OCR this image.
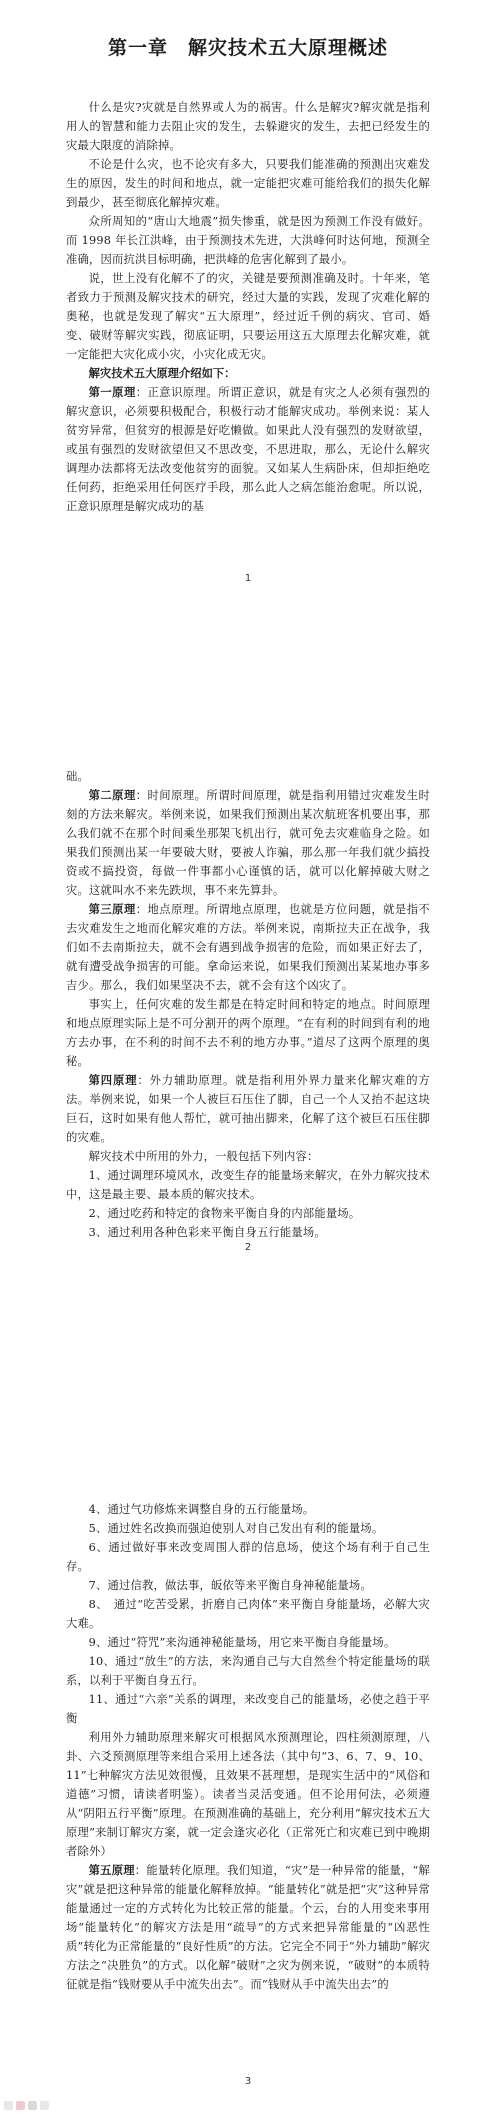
第一章　解灾技术五大原理概述
什么是灾?灾就是自然界或人为的祸害。什么是解灾?解灾就是指利用人的智慧和能力去阻止灾的发生，去躲避灾的发生，去把已经发生的灾最大限度的消除掉。
不论是什么灾，也不论灾有多大，只要我们能准确的预测出灾难发生的原因，发生的时间和地点，就一定能把灾难可能给我们的损失化解到最少，甚至彻底化解掉灾难。
众所周知的“唐山大地震”损失惨重，就是因为预测工作没有做好。而 1998 年长江洪峰，由于预测技术先进，大洪峰何时达何地，预测全准确，因而抗洪目标明确，把洪峰的危害化解到了最小。
说，世上没有化解不了的灾，关键是要预测准确及时。十年来，笔者致力于预测及解灾技术的研究，经过大量的实践，发现了灾难化解的奥秘，也就是发现了解灾“五大原理”，经过近千例的病灾、官司、婚变、破财等解灾实践，彻底证明，只要运用这五大原理去化解灾难，就一定能把大灾化成小灾，小灾化成无灾。
解灾技术五大原理介绍如下：
第一原理：正意识原理。所谓正意识，就是有灾之人必须有强烈的解灾意识，必须要积极配合，积极行动才能解灾成功。举例来说：某人贫穷异常，但贫穷的根源是好吃懒做。如果此人没有强烈的发财欲望，或虽有强烈的发财欲望但又不思改变，不思进取，那么，无论什么解灾调理办法都将无法改变他贫穷的面貌。又如某人生病卧床，但却拒绝吃任何药，拒绝采用任何医疗手段，那么此人之病怎能治愈呢。所以说，正意识原理是解灾成功的基
1
础。
第二原理：时间原理。所谓时间原理，就是指利用错过灾难发生时刻的方法来解灾。举例来说，如果我们预测出某次航班客机要出事，那么我们就不在那个时间乘坐那架飞机出行，就可免去灾难临身之险。如果我们预测出某一年要破大财，要被人诈骗，那么那一年我们就少搞投资或不搞投资，每做一件事都小心谨慎的话，就可以化解掉破大财之灾。这就叫水不来先跌坝，事不来先算卦。
第三原理：地点原理。所谓地点原理，也就是方位问题，就是指不去灾难发生之地而化解灾难的方法。举例来说，南斯拉夫正在战争，我们如不去南斯拉夫，就不会有遇到战争损害的危险，而如果正好去了，就有遭受战争损害的可能。拿命运来说，如果我们预测出某某地办事多吉少。那么，我们如果坚决不去，就不会有这个凶灾了。
事实上，任何灾难的发生都是在特定时间和特定的地点。时间原理和地点原理实际上是不可分割开的两个原理。“在有利的时间到有利的地方去办事，在不利的时间不去不利的地方办事。”道尽了这两个原理的奥秘。
第四原理：外力辅助原理。就是指利用外界力量来化解灾难的方法。举例来说，如果一个人被巨石压住了脚，自己一个人又抬不起这块巨石，这时如果有他人帮忙，就可抽出脚来，化解了这个被巨石压住脚的灾难。
解灾技术中所用的外力，一般包括下列内容：
1、通过调理环境风水，改变生存的能量场来解灾，在外力解灾技术中，这是最主要、最本质的解灾技术。
2、通过吃药和特定的食物来平衡自身的内部能量场。
3、通过利用各种色彩来平衡自身五行能量场。
2
4、通过气功修炼来调整自身的五行能量场。
5、通过姓名改换而强迫使别人对自己发出有利的能量场。
6、通过做好事来改变周围人群的信息场，使这个场有利于自己生存。
7、通过信教，做法事，皈依等来平衡自身神秘能量场。
8、　通过“吃苦受累，折磨自己肉体”来平衡自身能量场，必解大灾大难。
9、通过“符咒”来沟通神秘能量场，用它来平衡自身能量场。
10、通过“放生”的方法，来沟通自己与大自然叁个特定能量场的联系，以利于平衡自身五行。
11、通过“六亲”关系的调理，来改变自己的能量场，必使之趋于平衡
利用外力辅助原理来解灾可根据风水预测理论，四柱须测原理，八卦、六爻预测原理等来组合采用上述各法（其中句“3、6、7、9、10、11”七种解灾方法见效很慢，且效果不甚理想，是现实生活中的“风俗和道德”习惯，请读者明鉴）。读者当灵活变通。但不论用何法，必须遵从“阴阳五行平衡”原理。在预测准确的基础上，充分利用“解灾技术五大原理”来制订解灾方案，就一定会逢灾必化（正常死亡和灾难已到中晚期者除外）
第五原理：能量转化原理。我们知道，“灾”是一种异常的能量，“解灾”就是把这种异常的能量化解释放掉。“能量转化”就是把“灾”这种异常能量通过一定的方式转化为比较正常的能量。个云，台的人用变来事用场“能量转化”的解灾方法是用“疏导”的方式来把异常能量的“凶恶性质”转化为正常能量的“良好性质”的方法。它完全不同于“外力辅助”解灾方法之“决胜负”的方式。以化解“破财”之灾为例来说，“破财”的本质特征就是指“钱财要从手中流失出去”。而“钱财从手中流失出去”的
3
